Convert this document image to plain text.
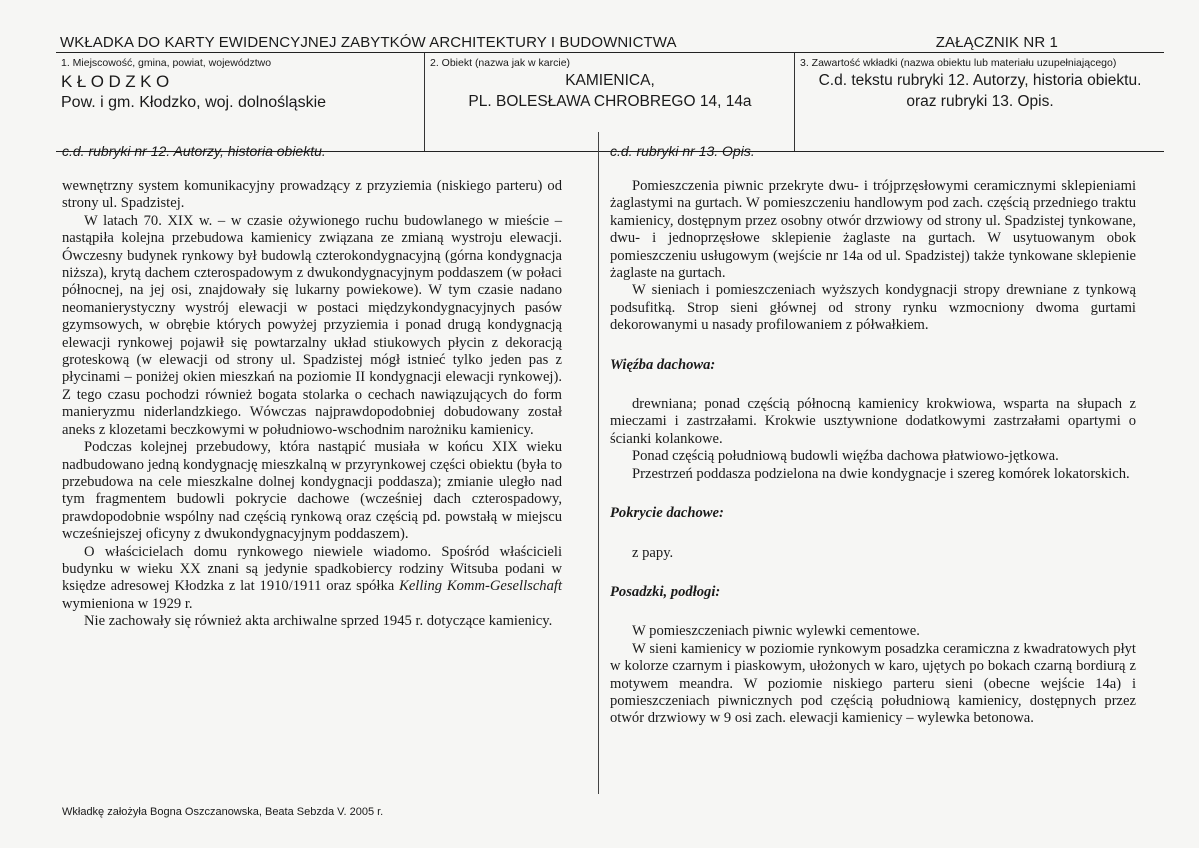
WKŁADKA DO KARTY EWIDENCYJNEJ ZABYTKÓW ARCHITEKTURY I BUDOWNICTWA	ZAŁĄCZNIK NR 1
1. Miejscowość, gmina, powiat, województwo
KŁODZKO
Pow. i gm. Kłodzko, woj. dolnośląskie
2. Obiekt (nazwa jak w karcie)
KAMIENICA,
PL. BOLESŁAWA CHROBREGO 14, 14a
3. Zawartość wkładki (nazwa obiektu lub materiału uzupełniającego)
C.d. tekstu rubryki 12. Autorzy, historia obiektu.
oraz rubryki 13. Opis.
c.d. rubryki nr 12. Autorzy, historia obiektu.

wewnętrzny system komunikacyjny prowadzący z przyziemia (niskiego parteru) od strony ul. Spadzistej.

W latach 70. XIX w. – w czasie ożywionego ruchu budowlanego w mieście – nastąpiła kolejna przebudowa kamienicy związana ze zmianą wystroju elewacji. Ówczesny budynek rynkowy był budowlą czterokondygnacyjną (górna kondygnacja niższa), krytą dachem czterospadowym z dwukondygnacyjnym poddaszem (w połaci północnej, na jej osi, znajdowały się lukarny powiekowe). W tym czasie nadano neomanierystyczny wystrój elewacji w postaci międzykondygnacyjnych pasów gzymsowych, w obrębie których powyżej przyziemia i ponad drugą kondygnacją elewacji rynkowej pojawił się powtarzalny układ stiukowych płycin z dekoracją groteskową (w elewacji od strony ul. Spadzistej mógł istnieć tylko jeden pas z płycinami – poniżej okien mieszkań na poziomie II kondygnacji elewacji rynkowej). Z tego czasu pochodzi również bogata stolarka o cechach nawiązujących do form manieryzmu niderlandzkiego. Wówczas najprawdopodobniej dobudowany został aneks z klozetami beczkowymi w południowo-wschodnim narożniku kamienicy.

Podczas kolejnej przebudowy, która nastąpić musiała w końcu XIX wieku nadbudowano jedną kondygnację mieszkalną w przyrynkowej części obiektu (była to przebudowa na cele mieszkalne dolnej kondygnacji poddasza); zmianie uległo nad tym fragmentem budowli pokrycie dachowe (wcześniej dach czterospadowy, prawdopodobnie wspólny nad częścią rynkową oraz częścią pd. powstałą w miejscu wcześniejszej oficyny z dwukondygnacyjnym poddaszem).

O właścicielach domu rynkowego niewiele wiadomo. Spośród właścicieli budynku w wieku XX znani są jedynie spadkobiercy rodziny Witsuba podani w księdze adresowej Kłodzka z lat 1910/1911 oraz spółka Kelling Komm-Gesellschaft wymieniona w 1929 r.

Nie zachowały się również akta archiwalne sprzed 1945 r. dotyczące kamienicy.

c.d. rubryki nr 13. Opis.

Pomieszczenia piwnic przekryte dwu- i trójprzęsłowymi ceramicznymi sklepieniami żaglastymi na gurtach. W pomieszczeniu handlowym pod zach. częścią przedniego traktu kamienicy, dostępnym przez osobny otwór drzwiowy od strony ul. Spadzistej tynkowane, dwu- i jednoprzęsłowe sklepienie żaglaste na gurtach. W usytuowanym obok pomieszczeniu usługowym (wejście nr 14a od ul. Spadzistej) także tynkowane sklepienie żaglaste na gurtach.

W sieniach i pomieszczeniach wyższych kondygnacji stropy drewniane z tynkową podsufitką. Strop sieni głównej od strony rynku wzmocniony dwoma gurtami dekorowanymi u nasady profilowaniem z półwałkiem.

Więźba dachowa:

drewniana; ponad częścią północną kamienicy krokwiowa, wsparta na słupach z mieczami i zastrzałami. Krokwie usztywnione dodatkowymi zastrzałami opartymi o ścianki kolankowe.

Ponad częścią południową budowli więźba dachowa płatwiowo-jętkowa.

Przestrzeń poddasza podzielona na dwie kondygnacje i szereg komórek lokatorskich.

Pokrycie dachowe:

z papy.

Posadzki, podłogi:

W pomieszczeniach piwnic wylewki cementowe.

W sieni kamienicy w poziomie rynkowym posadzka ceramiczna z kwadratowych płyt w kolorze czarnym i piaskowym, ułożonych w karo, ujętych po bokach czarną bordiurą z motywem meandra. W poziomie niskiego parteru sieni (obecne wejście 14a) i pomieszczeniach piwnicznych pod częścią południową kamienicy, dostępnych przez otwór drzwiowy w 9 osi zach. elewacji kamienicy – wylewka betonowa.

Wkładkę założyła Bogna Oszczanowska, Beata Sebzda V. 2005 r.
